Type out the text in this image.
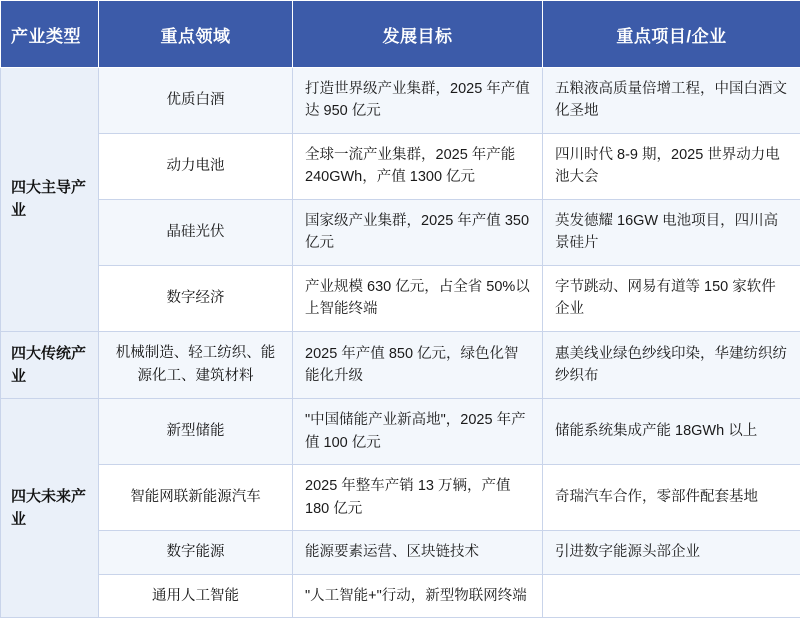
产业类型	重点领域	发展目标	重点项目/企业
四大主导产业	优质白酒	打造世界级产业集群，2025 年产值达 950 亿元	五粮液高质量倍增工程，中国白酒文化圣地
	动力电池	全球一流产业集群，2025 年产能 240GWh，产值 1300 亿元	四川时代 8-9 期，2025 世界动力电池大会
	晶硅光伏	国家级产业集群，2025 年产值 350 亿元	英发德耀 16GW 电池项目，四川高景硅片
	数字经济	产业规模 630 亿元，占全省 50%以上智能终端	字节跳动、网易有道等 150 家软件企业
四大传统产业	机械制造、轻工纺织、能源化工、建筑材料	2025 年产值 850 亿元，绿色化智能化升级	惠美线业绿色纱线印染，华建纺织纺纱织布
四大未来产业	新型储能	"中国储能产业新高地"，2025 年产值 100 亿元	储能系统集成产能 18GWh 以上
	智能网联新能源汽车	2025 年整车产销 13 万辆，产值 180 亿元	奇瑞汽车合作，零部件配套基地
	数字能源	能源要素运营、区块链技术	引进数字能源头部企业
	通用人工智能	"人工智能+"行动，新型物联网终端	
